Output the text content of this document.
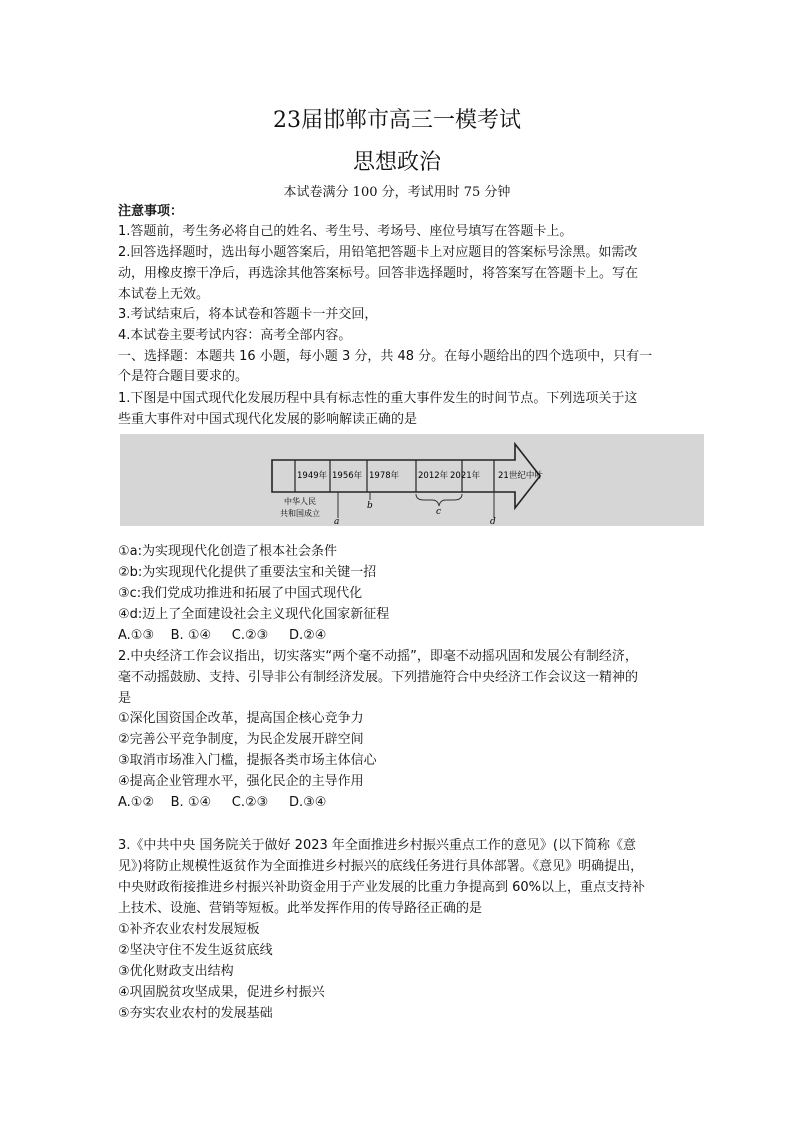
23届邯郸市高三一模考试
思想政治
本试卷满分 100 分，考试用时 75 分钟
注意事项：
1.答题前，考生务必将自己的姓名、考生号、考场号、座位号填写在答题卡上。
2.回答选择题时，选出每小题答案后，用铅笔把答题卡上对应题目的答案标号涂黑。如需改
动，用橡皮擦干净后，再选涂其他答案标号。回答非选择题时，将答案写在答题卡上。写在
本试卷上无效。
3.考试结束后，将本试卷和答题卡一并交回，
4.本试卷主要考试内容：高考全部内容。
一、选择题：本题共 16 小题，每小题 3 分，共 48 分。在每小题给出的四个选项中，只有一
个是符合题目要求的。
1.下图是中国式现代化发展历程中具有标志性的重大事件发生的时间节点。下列选项关于这
些重大事件对中国式现代化发展的影响解读正确的是
1949年 1956年 1978年 2012年 2021年 21世纪中叶
中华人民
共和国成立
a
b
c
d
①a:为实现现代化创造了根本社会条件
②b:为实现现代化提供了重要法宝和关键一招
③c:我们党成功推进和拓展了中国式现代化
④d:迈上了全面建设社会主义现代化国家新征程
A.①③    B. ①④     C.②③     D.②④
2.中央经济工作会议指出，切实落实“两个毫不动摇”，即毫不动摇巩固和发展公有制经济，
毫不动摇鼓励、支持、引导非公有制经济发展。下列措施符合中央经济工作会议这一精神的
是
①深化国资国企改革，提高国企核心竞争力
②完善公平竞争制度，为民企发展开辟空间
③取消市场准入门槛，提振各类市场主体信心
④提高企业管理水平，强化民企的主导作用
A.①②    B. ①④     C.②③     D.③④
3.《中共中央 国务院关于做好 2023 年全面推进乡村振兴重点工作的意见》(以下简称《意
见》)将防止规模性返贫作为全面推进乡村振兴的底线任务进行具体部署。《意见》明确提出，
中央财政衔接推进乡村振兴补助资金用于产业发展的比重力争提高到 60%以上，重点支持补
上技术、设施、营销等短板。此举发挥作用的传导路径正确的是
①补齐农业农村发展短板
②坚决守住不发生返贫底线
③优化财政支出结构
④巩固脱贫攻坚成果，促进乡村振兴
⑤夯实农业农村的发展基础
